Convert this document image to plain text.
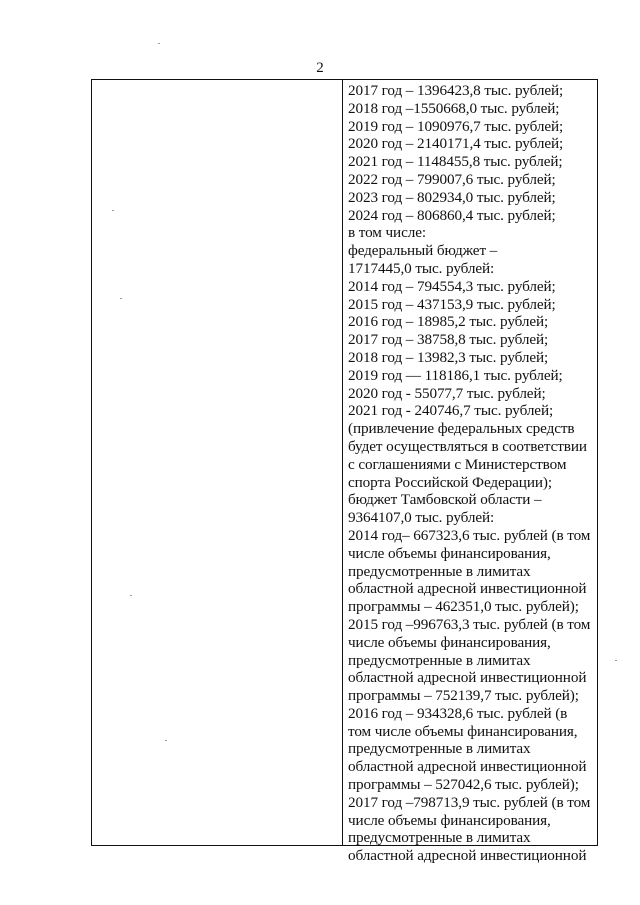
2
2017 год – 1396423,8 тыс. рублей;
2018 год –1550668,0 тыс. рублей;
2019 год – 1090976,7 тыс. рублей;
2020 год – 2140171,4 тыс. рублей;
2021 год – 1148455,8 тыс. рублей;
2022 год – 799007,6 тыс. рублей;
2023 год – 802934,0 тыс. рублей;
2024 год – 806860,4 тыс. рублей;
в том числе:
федеральный бюджет –
1717445,0 тыс. рублей:
2014 год – 794554,3 тыс. рублей;
2015 год – 437153,9 тыс. рублей;
2016 год – 18985,2 тыс. рублей;
2017 год – 38758,8 тыс. рублей;
2018 год – 13982,3 тыс. рублей;
2019 год — 118186,1 тыс. рублей;
2020 год - 55077,7 тыс. рублей;
2021 год - 240746,7 тыс. рублей;
(привлечение федеральных средств
будет осуществляться в соответствии
с соглашениями с Министерством
спорта Российской Федерации);
бюджет Тамбовской области –
9364107,0 тыс. рублей:
2014 год– 667323,6 тыс. рублей (в том
числе объемы финансирования,
предусмотренные в лимитах
областной адресной инвестиционной
программы – 462351,0 тыс. рублей);
2015 год –996763,3 тыс. рублей (в том
числе объемы финансирования,
предусмотренные в лимитах
областной адресной инвестиционной
программы – 752139,7 тыс. рублей);
2016 год – 934328,6 тыс. рублей (в
том числе объемы финансирования,
предусмотренные в лимитах
областной адресной инвестиционной
программы – 527042,6 тыс. рублей);
2017 год –798713,9 тыс. рублей (в том
числе объемы финансирования,
предусмотренные в лимитах
областной адресной инвестиционной
